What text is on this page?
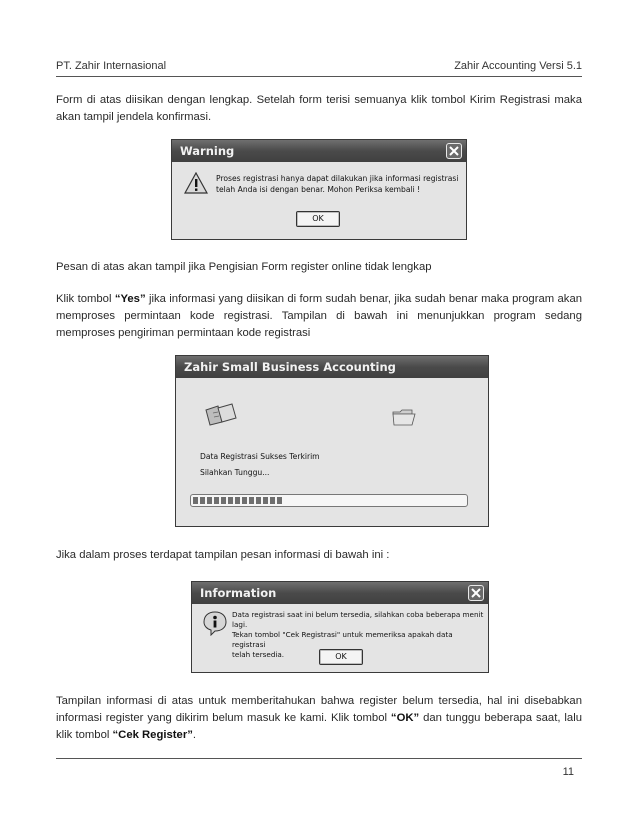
PT. Zahir Internasional	Zahir Accounting Versi 5.1

Form di atas diisikan dengan lengkap. Setelah form terisi semuanya klik tombol Kirim Registrasi maka akan tampil jendela konfirmasi.

Warning
Proses registrasi hanya dapat dilakukan jika informasi registrasi
telah Anda isi dengan benar. Mohon Periksa kembali !
OK

Pesan di atas akan tampil jika Pengisian Form register online tidak lengkap

Klik tombol “Yes” jika informasi yang diisikan di form sudah benar, jika sudah benar maka program akan memproses permintaan kode registrasi. Tampilan di bawah ini menunjukkan program sedang memproses pengiriman permintaan kode registrasi

Zahir Small Business Accounting
Data Registrasi Sukses Terkirim
Silahkan Tunggu...

Jika dalam proses terdapat tampilan pesan informasi di bawah ini :

Information
Data registrasi saat ini belum tersedia, silahkan coba beberapa menit lagi.
Tekan tombol "Cek Registrasi" untuk memeriksa apakah data registrasi
telah tersedia.	OK

Tampilan informasi di atas untuk memberitahukan bahwa register belum tersedia, hal ini disebabkan informasi register yang dikirim belum masuk ke kami. Klik tombol “OK” dan tunggu beberapa saat, lalu klik tombol “Cek Register”.

11
